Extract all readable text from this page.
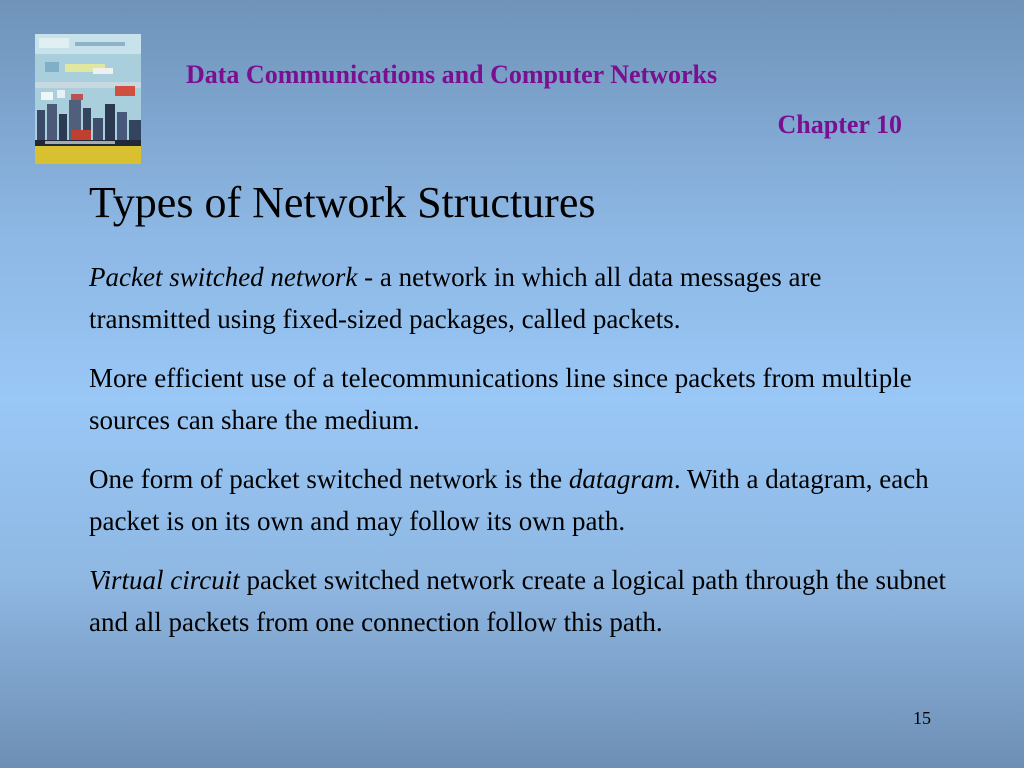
Data Communications and Computer Networks
Chapter 10
Types of Network Structures

Packet switched network - a network in which all data messages are transmitted using fixed-sized packages, called packets.

More efficient use of a telecommunications line since packets from multiple sources can share the medium.

One form of packet switched network is the datagram. With a datagram, each packet is on its own and may follow its own path.

Virtual circuit packet switched network create a logical path through the subnet and all packets from one connection follow this path.

15
